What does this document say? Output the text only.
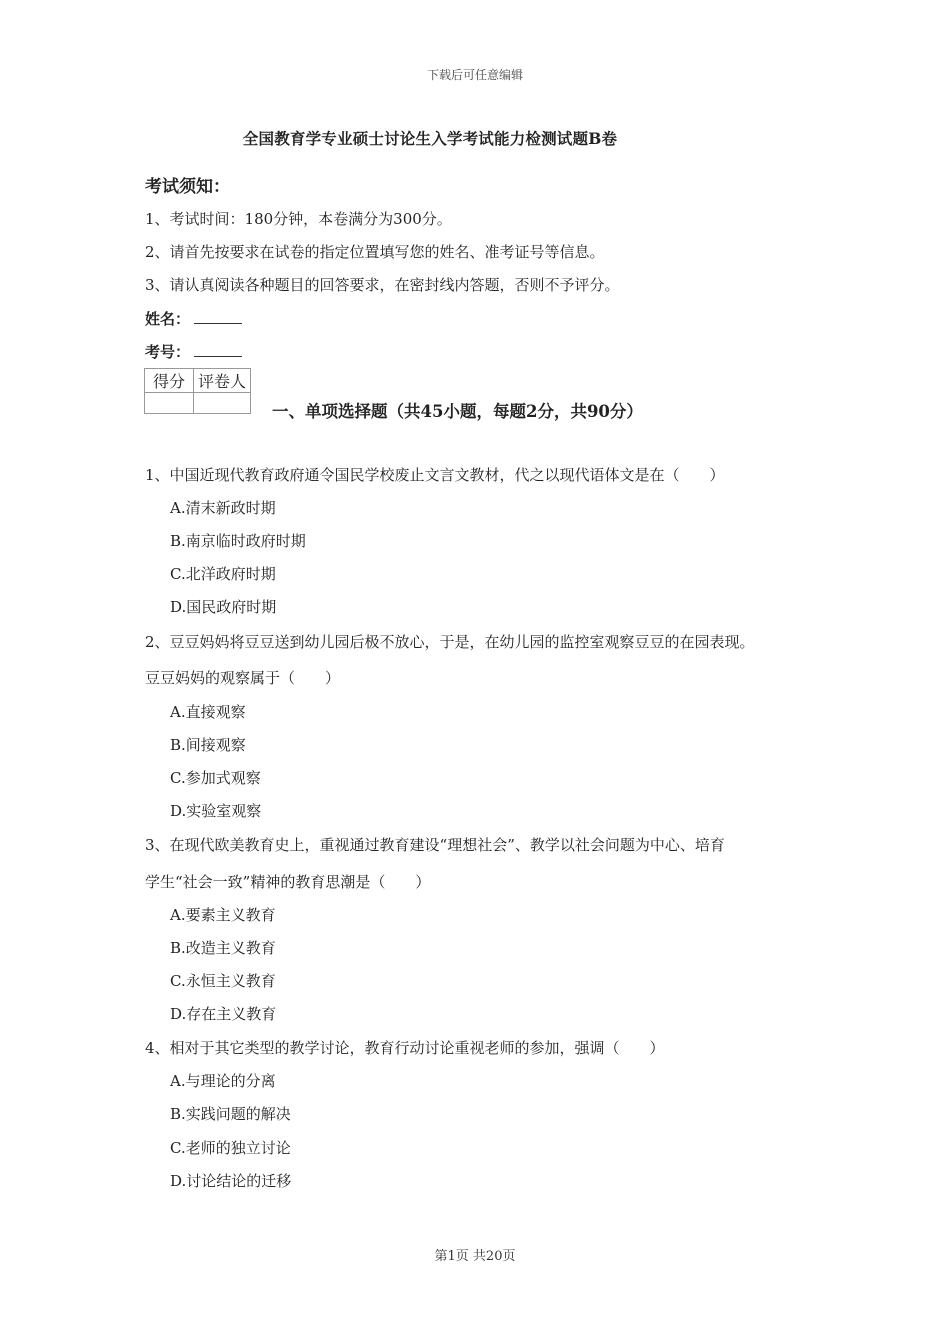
下载后可任意编辑
全国教育学专业硕士讨论生入学考试能力检测试题B卷
考试须知：
1、考试时间：180分钟，本卷满分为300分。
2、请首先按要求在试卷的指定位置填写您的姓名、准考证号等信息。
3、请认真阅读各种题目的回答要求，在密封线内答题，否则不予评分。
姓名：
考号：
得分	评卷人

一、单项选择题（共45小题，每题2分，共90分）
1、中国近现代教育政府通令国民学校废止文言文教材，代之以现代语体文是在（　　）
A.清末新政时期
B.南京临时政府时期
C.北洋政府时期
D.国民政府时期
2、豆豆妈妈将豆豆送到幼儿园后极不放心，于是，在幼儿园的监控室观察豆豆的在园表现。
豆豆妈妈的观察属于（　　）
A.直接观察
B.间接观察
C.参加式观察
D.实验室观察
3、在现代欧美教育史上，重视通过教育建设“理想社会”、教学以社会问题为中心、培育
学生“社会一致”精神的教育思潮是（　　）
A.要素主义教育
B.改造主义教育
C.永恒主义教育
D.存在主义教育
4、相对于其它类型的教学讨论，教育行动讨论重视老师的参加，强调（　　）
A.与理论的分离
B.实践问题的解决
C.老师的独立讨论
D.讨论结论的迁移
第1页 共20页
